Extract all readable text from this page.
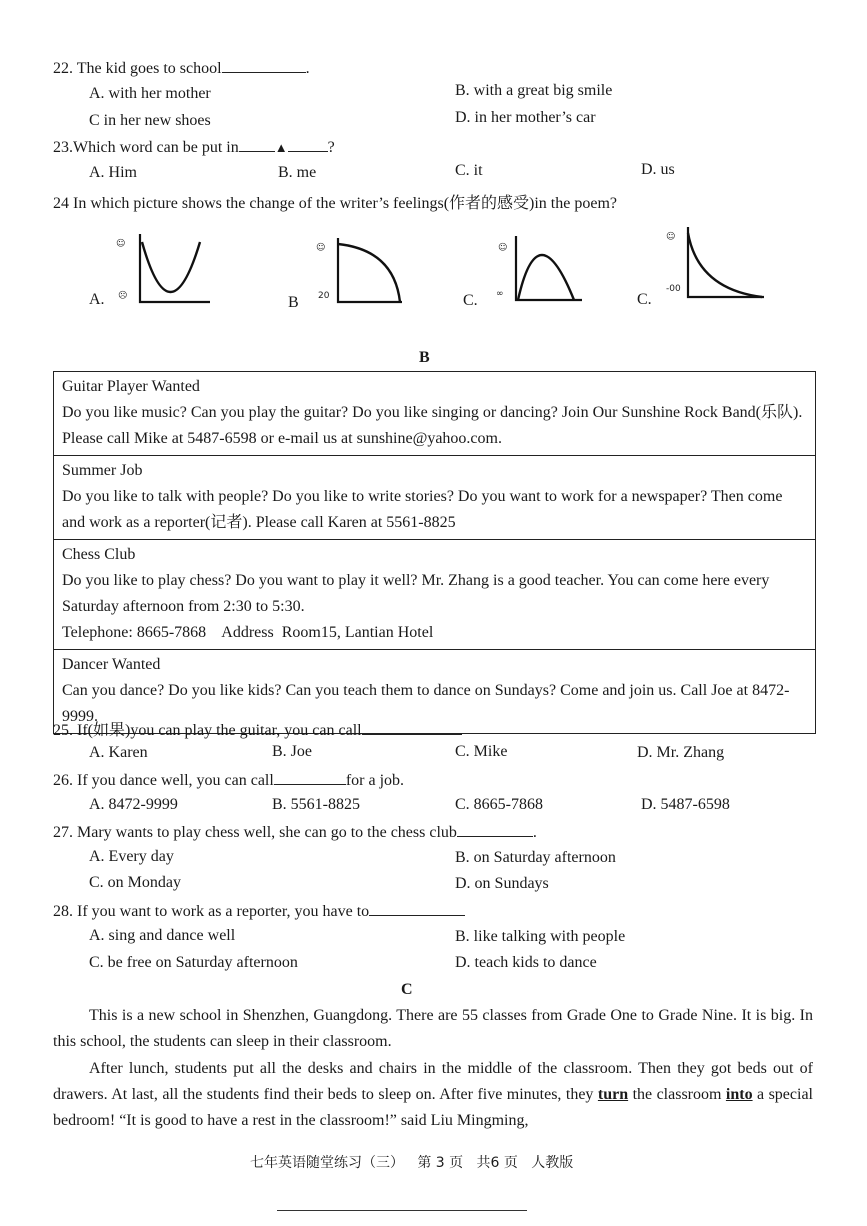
22. The kid goes to school	.
A. with her mother	B. with a great big smile
C in her new shoes	D. in her mother’s car
23.Which word can be put in	▲	?
A. Him	B. me	C. it	D. us
24 In which picture shows the change of the writer’s feelings(作者的感受)in the poem?
A.
☺
☹	B
☺
20	C.
☺
∞	C.
☺
-00
B

Guitar Player Wanted

Do you like music? Can you play the guitar? Do you like singing or dancing? Join Our Sunshine Rock Band(乐队). Please call Mike at 5487-6598 or e-mail us at sunshine@yahoo.com.

Summer Job

Do you like to talk with people? Do you like to write stories? Do you want to work for a newspaper? Then come and work as a reporter(记者). Please call Karen at 5561-8825

Chess Club

Do you like to play chess? Do you want to play it well? Mr. Zhang is a good teacher. You can come here every Saturday afternoon from 2:30 to 5:30.

Telephone: 8665-7868    Address  Room15, Lantian Hotel

Dancer Wanted

Can you dance? Do you like kids? Can you teach them to dance on Sundays? Come and join us. Call Joe at 8472-9999.

25. If(如果)you can play the guitar, you can call
A. Karen	B. Joe	C. Mike	D. Mr. Zhang
26. If you dance well, you can call	for a job.
A. 8472-9999	B. 5561-8825	C. 8665-7868	D. 5487-6598
27. Mary wants to play chess well, she can go to the chess club	.
A. Every day	B. on Saturday afternoon
C. on Monday	D. on Sundays
28. If you want to work as a reporter, you have to
A. sing and dance well	B. like talking with people
C. be free on Saturday afternoon	D. teach kids to dance
C
This is a new school in Shenzhen, Guangdong. There are 55 classes from Grade One to Grade Nine. It is big. In this school, the students can sleep in their classroom.
After lunch, students put all the desks and chairs in the middle of the classroom. Then they got beds out of drawers. At last, all the students find their beds to sleep on. After five minutes, they turn the classroom into a special bedroom! “It is good to have a rest in the classroom!” said Liu Mingming,
七年英语随堂练习（三）   第 3 页   共6 页   人教版
